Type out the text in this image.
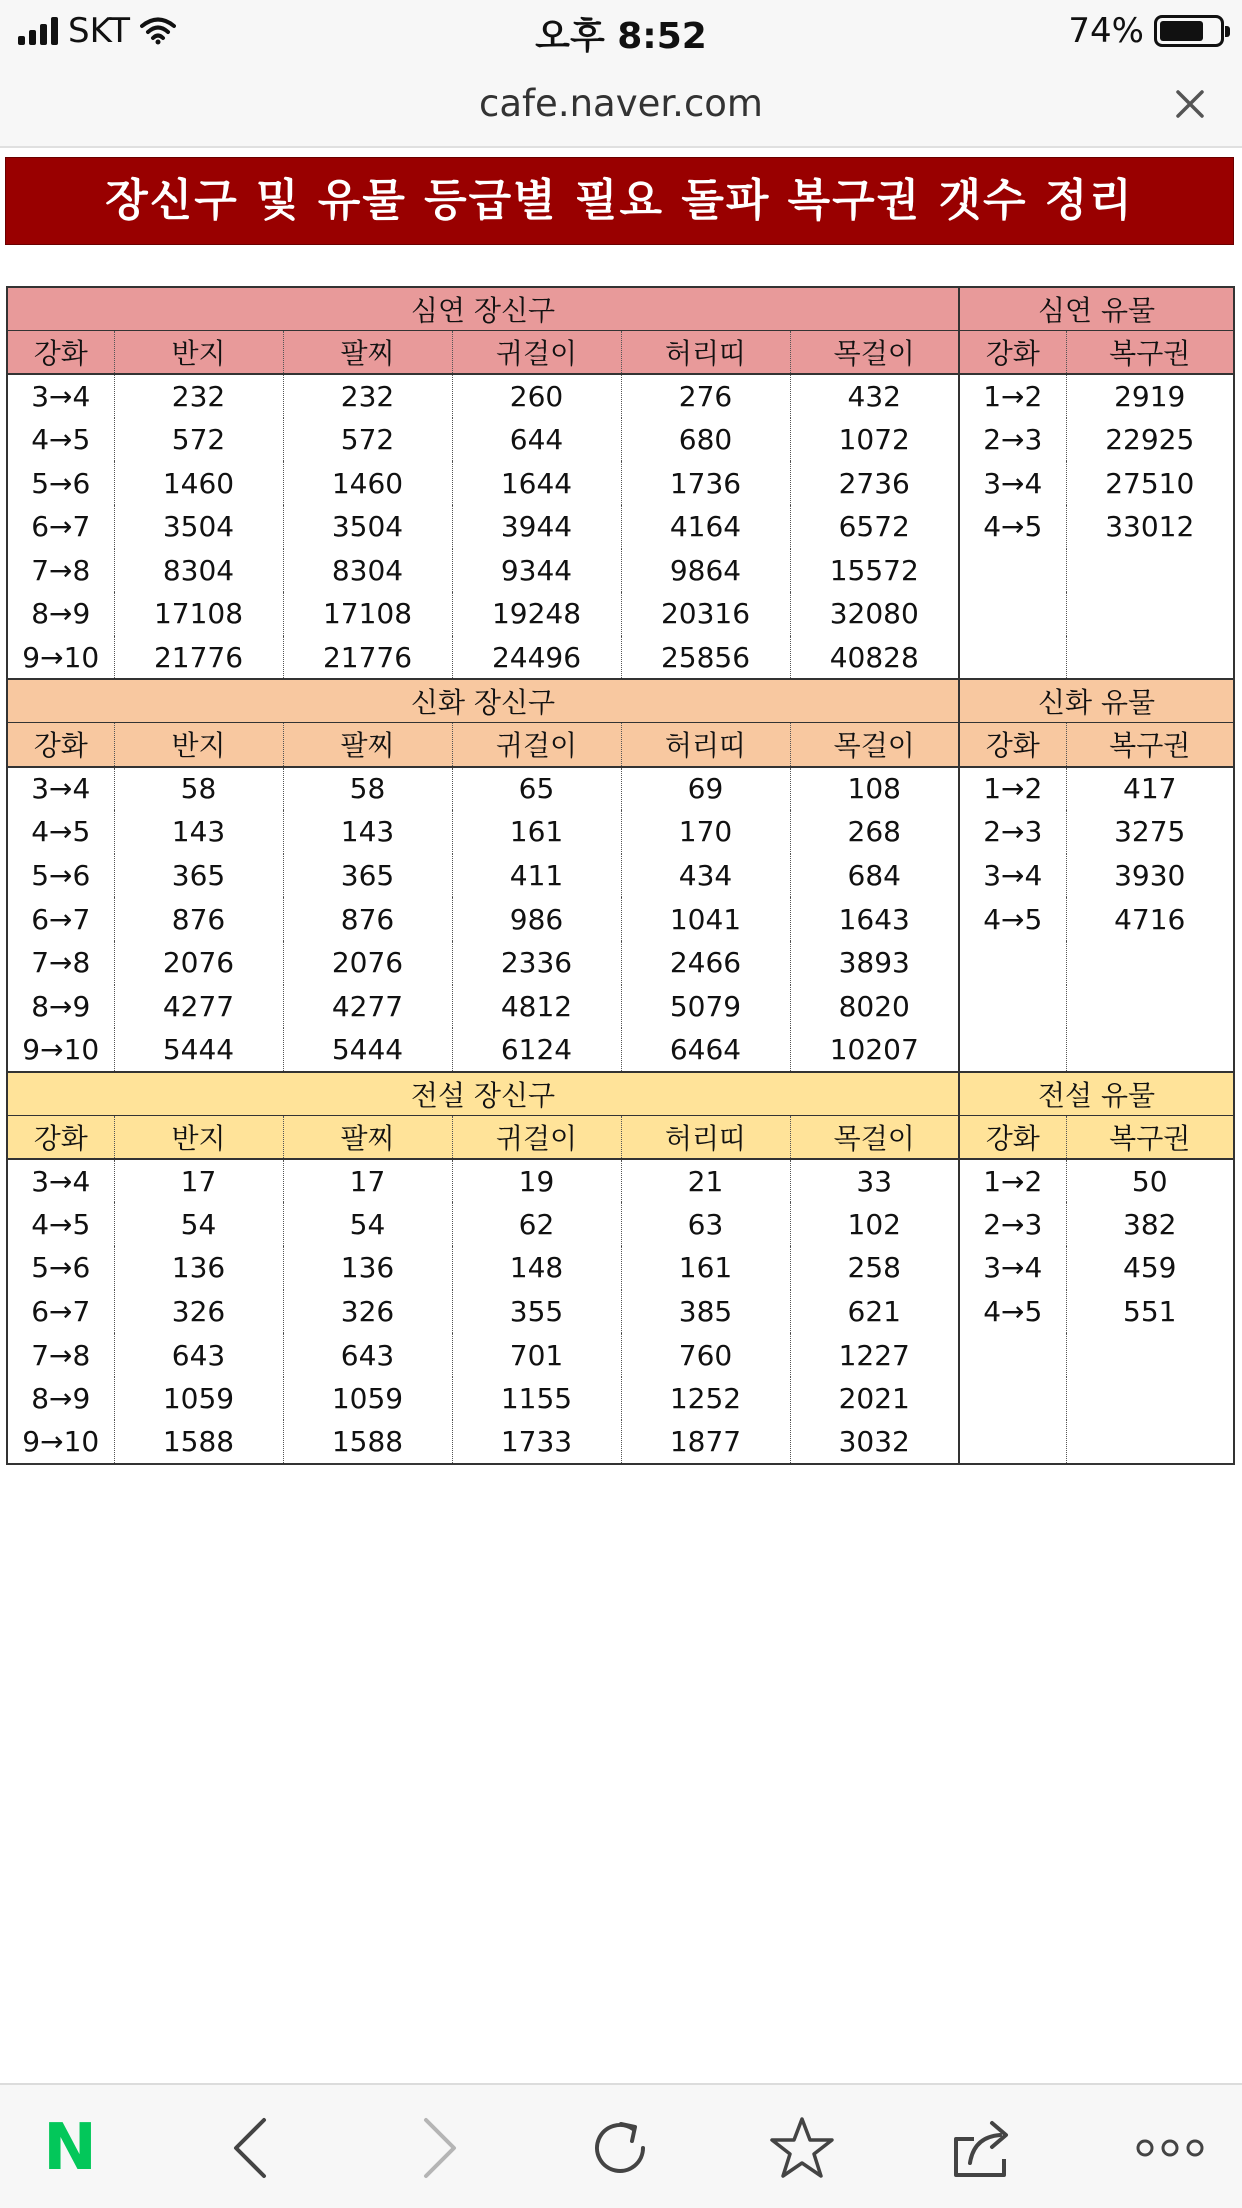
SKT	오후 8:52	74%
cafe.naver.com
장신구 및 유물 등급별 필요 돌파 복구권 갯수 정리
심연 장신구						심연 유물	
강화	반지	팔찌	귀걸이	허리띠	목걸이	강화	복구권
3→4	232	232	260	276	432	1→2	2919
4→5	572	572	644	680	1072	2→3	22925
5→6	1460	1460	1644	1736	2736	3→4	27510
6→7	3504	3504	3944	4164	6572	4→5	33012
7→8	8304	8304	9344	9864	15572		
8→9	17108	17108	19248	20316	32080		
9→10	21776	21776	24496	25856	40828		
신화 장신구						신화 유물	
강화	반지	팔찌	귀걸이	허리띠	목걸이	강화	복구권
3→4	58	58	65	69	108	1→2	417
4→5	143	143	161	170	268	2→3	3275
5→6	365	365	411	434	684	3→4	3930
6→7	876	876	986	1041	1643	4→5	4716
7→8	2076	2076	2336	2466	3893		
8→9	4277	4277	4812	5079	8020		
9→10	5444	5444	6124	6464	10207		
전설 장신구						전설 유물	
강화	반지	팔찌	귀걸이	허리띠	목걸이	강화	복구권
3→4	17	17	19	21	33	1→2	50
4→5	54	54	62	63	102	2→3	382
5→6	136	136	148	161	258	3→4	459
6→7	326	326	355	385	621	4→5	551
7→8	643	643	701	760	1227		
8→9	1059	1059	1155	1252	2021		
9→10	1588	1588	1733	1877	3032		
N
